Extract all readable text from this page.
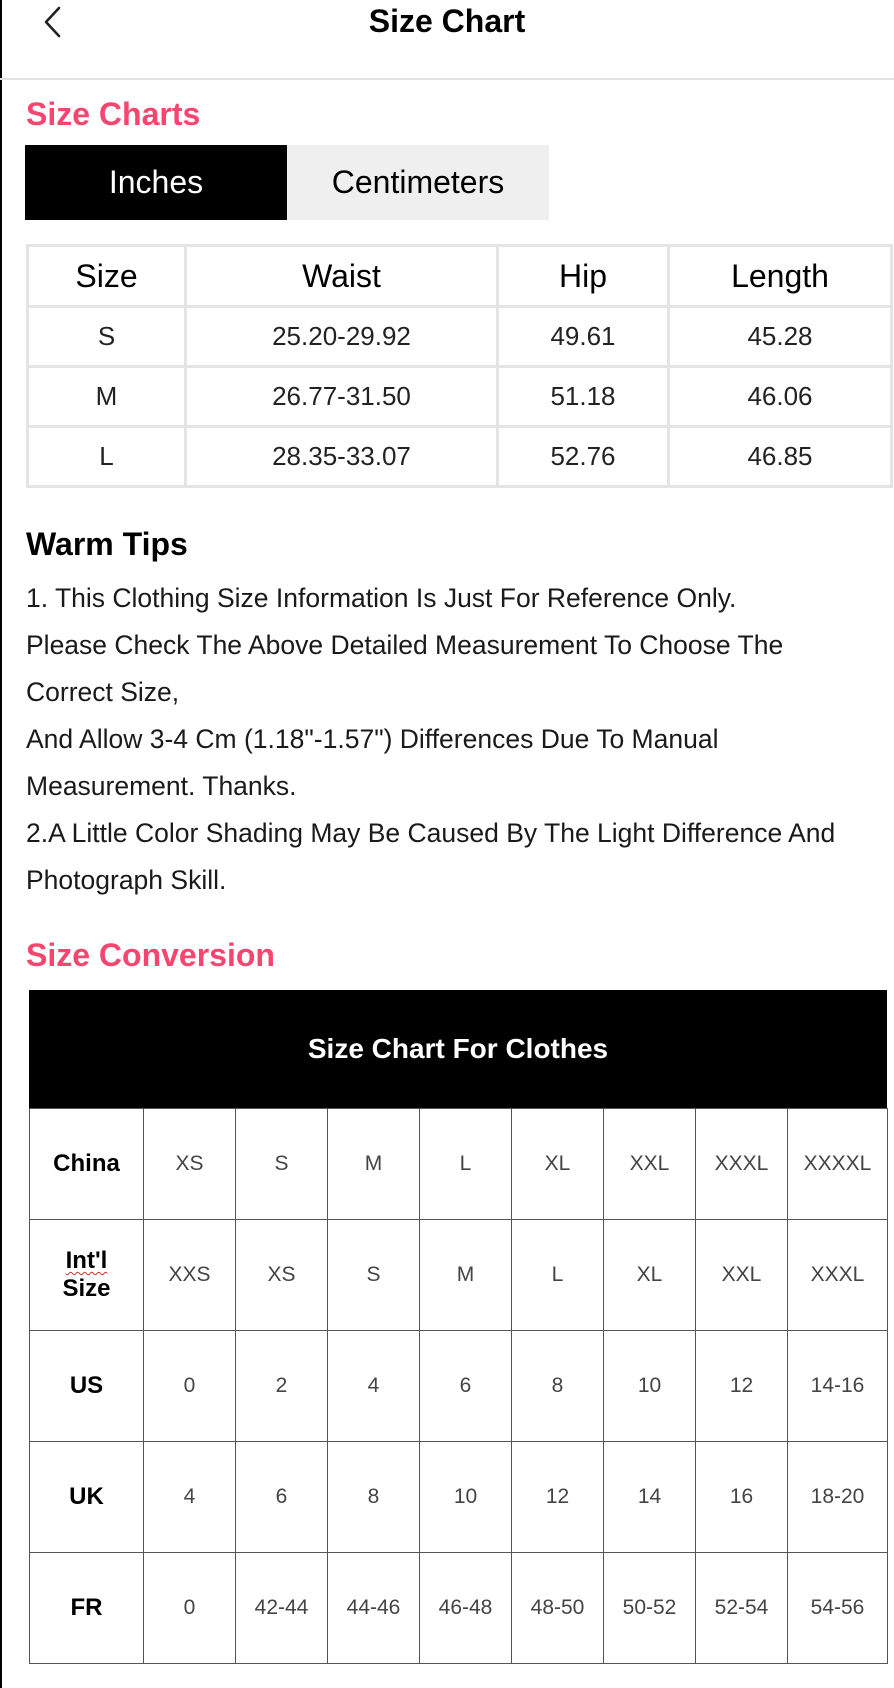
Size Chart
Size Charts
Inches	Centimeters
Size	Waist	Hip	Length
S	25.20-29.92	49.61	45.28
M	26.77-31.50	51.18	46.06
L	28.35-33.07	52.76	46.85
Warm Tips
1. This Clothing Size Information Is Just For Reference Only.
Please Check The Above Detailed Measurement To Choose The
Correct Size,
And Allow 3-4 Cm (1.18"-1.57") Differences Due To Manual
Measurement. Thanks.
2.A Little Color Shading May Be Caused By The Light Difference And
Photograph Skill.
Size Conversion
Size Chart For Clothes
China	XS	S	M	L	XL	XXL	XXXL	XXXXL
Int'l
Size	XXS	XS	S	M	L	XL	XXL	XXXL
US	0	2	4	6	8	10	12	14-16
UK	4	6	8	10	12	14	16	18-20
FR	0	42-44	44-46	46-48	48-50	50-52	52-54	54-56
